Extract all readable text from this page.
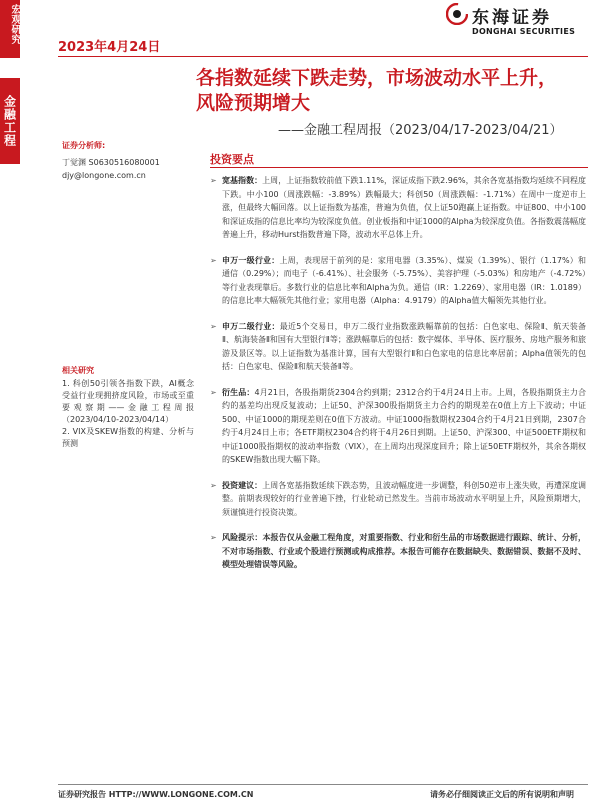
宏观研究
金融工程
2023年4月24日
东海证券
DONGHAI SECURITIES
各指数延续下跌走势，市场波动水平上升，风险预期增大
——金融工程周报（2023/04/17-2023/04/21）
证券分析师:
丁觉渊 S0630516080001
djy@longone.com.cn
相关研究
1. 科创50引领各指数下跌，AI概念受益行业现拥挤度风险，市场或至重要观察期——金融工程周报（2023/04/10-2023/04/14）
2. VIX及SKEW指数的构建、分析与预测
投资要点
➢ 宽基指数：上周，上证指数较前值下跌1.11%，深证成指下跌2.96%，其余各宽基指数均延续不同程度下跌。中小100（周涨跌幅：-3.89%）跌幅最大；科创50（周涨跌幅：-1.71%）在周中一度逆市上涨，但最终大幅回落。以上证指数为基准，普遍为负值，仅上证50跑赢上证指数。中证800、中小100和深证成指的信息比率均为较深度负值。创业板指和中证1000的Alpha为较深度负值。各指数震荡幅度普遍上升，移动Hurst指数普遍下降，波动水平总体上升。
➢ 申万一级行业：上周，表现居于前列的是：家用电器（3.35%）、煤炭（1.39%）、银行（1.17%）和通信（0.29%）；而电子（-6.41%）、社会服务（-5.75%）、美容护理（-5.03%）和房地产（-4.72%）等行业表现靠后。多数行业的信息比率和Alpha为负。通信（IR：1.2269）、家用电器（IR：1.0189）的信息比率大幅领先其他行业；家用电器（Alpha：4.9179）的Alpha值大幅领先其他行业。
➢ 申万二级行业：最近5个交易日，申万二级行业指数涨跌幅靠前的包括：白色家电、保险Ⅱ、航天装备Ⅱ、航海装备Ⅱ和国有大型银行Ⅱ等；涨跌幅靠后的包括：数字媒体、半导体、医疗服务、房地产服务和旅游及景区等。以上证指数为基准计算，国有大型银行Ⅱ和白色家电的信息比率居前；Alpha值领先的包括：白色家电、保险Ⅱ和航天装备Ⅱ等。
➢ 衍生品：4月21日，各股指期货2304合约到期；2312合约于4月24日上市。上周，各股指期货主力合约的基差均出现反复波动；上证50、沪深300股指期货主力合约的期现差在0值上方上下波动；中证500、中证1000的期现差则在0值下方波动。中证1000指数期权2304合约于4月21日到期，2307合约于4月24日上市；各ETF期权2304合约将于4月26日到期。上证50、沪深300、中证500ETF期权和中证1000股指期权的波动率指数（VIX），在上周均出现深度回升；除上证50ETF期权外，其余各期权的SKEW指数出现大幅下降。
➢ 投资建议：上周各宽基指数延续下跌态势，且波动幅度进一步调整，科创50逆市上涨失败，再遭深度调整。前期表现较好的行业普遍下挫，行业轮动已然发生。当前市场波动水平明显上升，风险预期增大，须谨慎进行投资决策。
➢ 风险提示：本报告仅从金融工程角度，对重要指数、行业和衍生品的市场数据进行跟踪、统计、分析，不对市场指数、行业或个股进行预测或构成推荐。本报告可能存在数据缺失、数据错误、数据不及时、模型处理错误等风险。
证券研究报告 HTTP://WWW.LONGONE.COM.CN	请务必仔细阅读正文后的所有说明和声明
